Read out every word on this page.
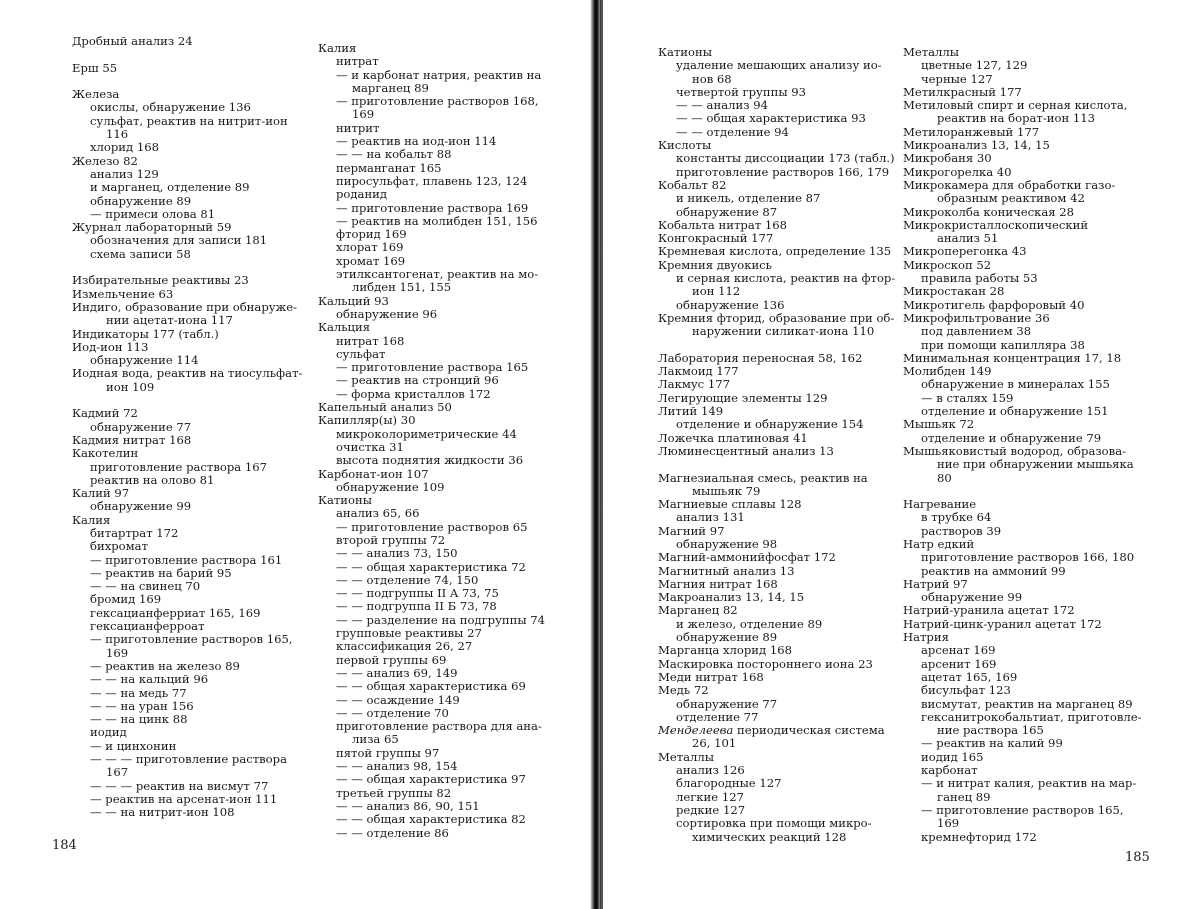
Дробный анализ 24

Ерш 55

Железа

окислы, обнаружение 136

сульфат, реактив на нитрит-ион

116

хлорид 168

Железо 82

анализ 129

и марганец, отделение 89

обнаружение 89

— примеси олова 81

Журнал лабораторный 59

обозначения для записи 181

схема записи 58

Избирательные реактивы 23

Измельчение 63

Индиго, образование при обнаруже-

нии ацетат-иона 117

Индикаторы 177 (табл.)

Иод-ион 113

обнаружение 114

Иодная вода, реактив на тиосульфат-

ион 109

Кадмий 72

обнаружение 77

Кадмия нитрат 168

Какотелин

приготовление раствора 167

реактив на олово 81

Калий 97

обнаружение 99

Калия

битартрат 172

бихромат

— приготовление раствора 161

— реактив на барий 95

— — на свинец 70

бромид 169

гексацианферриат 165, 169

гексацианферроат

— приготовление растворов 165,

169

— реактив на железо 89

— — на кальций 96

— — на медь 77

— — на уран 156

— — на цинк 88

иодид

— и цинхонин

— — — приготовление раствора

167

— — — реактив на висмут 77

— реактив на арсенат-ион 111

— — на нитрит-ион 108

Калия

нитрат

— и карбонат натрия, реактив на

марганец 89

— приготовление растворов 168,

169

нитрит

— реактив на иод-ион 114

— — на кобальт 88

перманганат 165

пиросульфат, плавень 123, 124

роданид

— приготовление раствора 169

— реактив на молибден 151, 156

фторид 169

хлорат 169

хромат 169

этилксантогенат, реактив на мо-

либден 151, 155

Кальций 93

обнаружение 96

Кальция

нитрат 168

сульфат

— приготовление раствора 165

— реактив на стронций 96

— форма кристаллов 172

Капельный анализ 50

Капилляр(ы) 30

микроколориметрические 44

очистка 31

высота поднятия жидкости 36

Карбонат-ион 107

обнаружение 109

Катионы

анализ 65, 66

— приготовление растворов 65

второй группы 72

— — анализ 73, 150

— — общая характеристика 72

— — отделение 74, 150

— — подгруппы II A 73, 75

— — подгруппа II Б 73, 78

— — разделение на подгруппы 74

групповые реактивы 27

классификация 26, 27

первой группы 69

— — анализ 69, 149

— — общая характеристика 69

— — осаждение 149

— — отделение 70

приготовление раствора для ана-

лиза 65

пятой группы 97

— — анализ 98, 154

— — общая характеристика 97

третьей группы 82

— — анализ 86, 90, 151

— — общая характеристика 82

— — отделение 86

Катионы

удаление мешающих анализу ио-

нов 68

четвертой группы 93

— — анализ 94

— — общая характеристика 93

— — отделение 94

Кислоты

константы диссоциации 173 (табл.)

приготовление растворов 166, 179

Кобальт 82

и никель, отделение 87

обнаружение 87

Кобальта нитрат 168

Конгокрасный 177

Кремневая кислота, определение 135

Кремния двуокись

и серная кислота, реактив на фтор-

ион 112

обнаружение 136

Кремния фторид, образование при об-

наружении силикат-иона 110

Лаборатория переносная 58, 162

Лакмоид 177

Лакмус 177

Легирующие элементы 129

Литий 149

отделение и обнаружение 154

Ложечка платиновая 41

Люминесцентный анализ 13

Магнезиальная смесь, реактив на

мышьяк 79

Магниевые сплавы 128

анализ 131

Магний 97

обнаружение 98

Магний-аммонийфосфат 172

Магнитный анализ 13

Магния нитрат 168

Макроанализ 13, 14, 15

Марганец 82

и железо, отделение 89

обнаружение 89

Марганца хлорид 168

Маскировка постороннего иона 23

Меди нитрат 168

Медь 72

обнаружение 77

отделение 77

Менделеева периодическая система

26, 101

Металлы

анализ 126

благородные 127

легкие 127

редкие 127

сортировка при помощи микро-

химических реакций 128

Металлы

цветные 127, 129

черные 127

Метилкрасный 177

Метиловый спирт и серная кислота,

реактив на борат-ион 113

Метилоранжевый 177

Микроанализ 13, 14, 15

Микробаня 30

Микрогорелка 40

Микрокамера для обработки газо-

образным реактивом 42

Микроколба коническая 28

Микрокристаллоскопический

анализ 51

Микроперегонка 43

Микроскоп 52

правила работы 53

Микростакан 28

Микротигель фарфоровый 40

Микрофильтрование 36

под давлением 38

при помощи капилляра 38

Минимальная концентрация 17, 18

Молибден 149

обнаружение в минералах 155

— в сталях 159

отделение и обнаружение 151

Мышьяк 72

отделение и обнаружение 79

Мышьяковистый водород, образова-

ние при обнаружении мышьяка

80

Нагревание

в трубке 64

растворов 39

Натр едкий

приготовление растворов 166, 180

реактив на аммоний 99

Натрий 97

обнаружение 99

Натрий-уранила ацетат 172

Натрий-цинк-уранил ацетат 172

Натрия

арсенат 169

арсенит 169

ацетат 165, 169

бисульфат 123

висмутат, реактив на марганец 89

гексанитрокобальтиат, приготовле-

ние раствора 165

— реактив на калий 99

иодид 165

карбонат

— и нитрат калия, реактив на мар-

ганец 89

— приготовление растворов 165,

169

кремнефторид 172

184
185
